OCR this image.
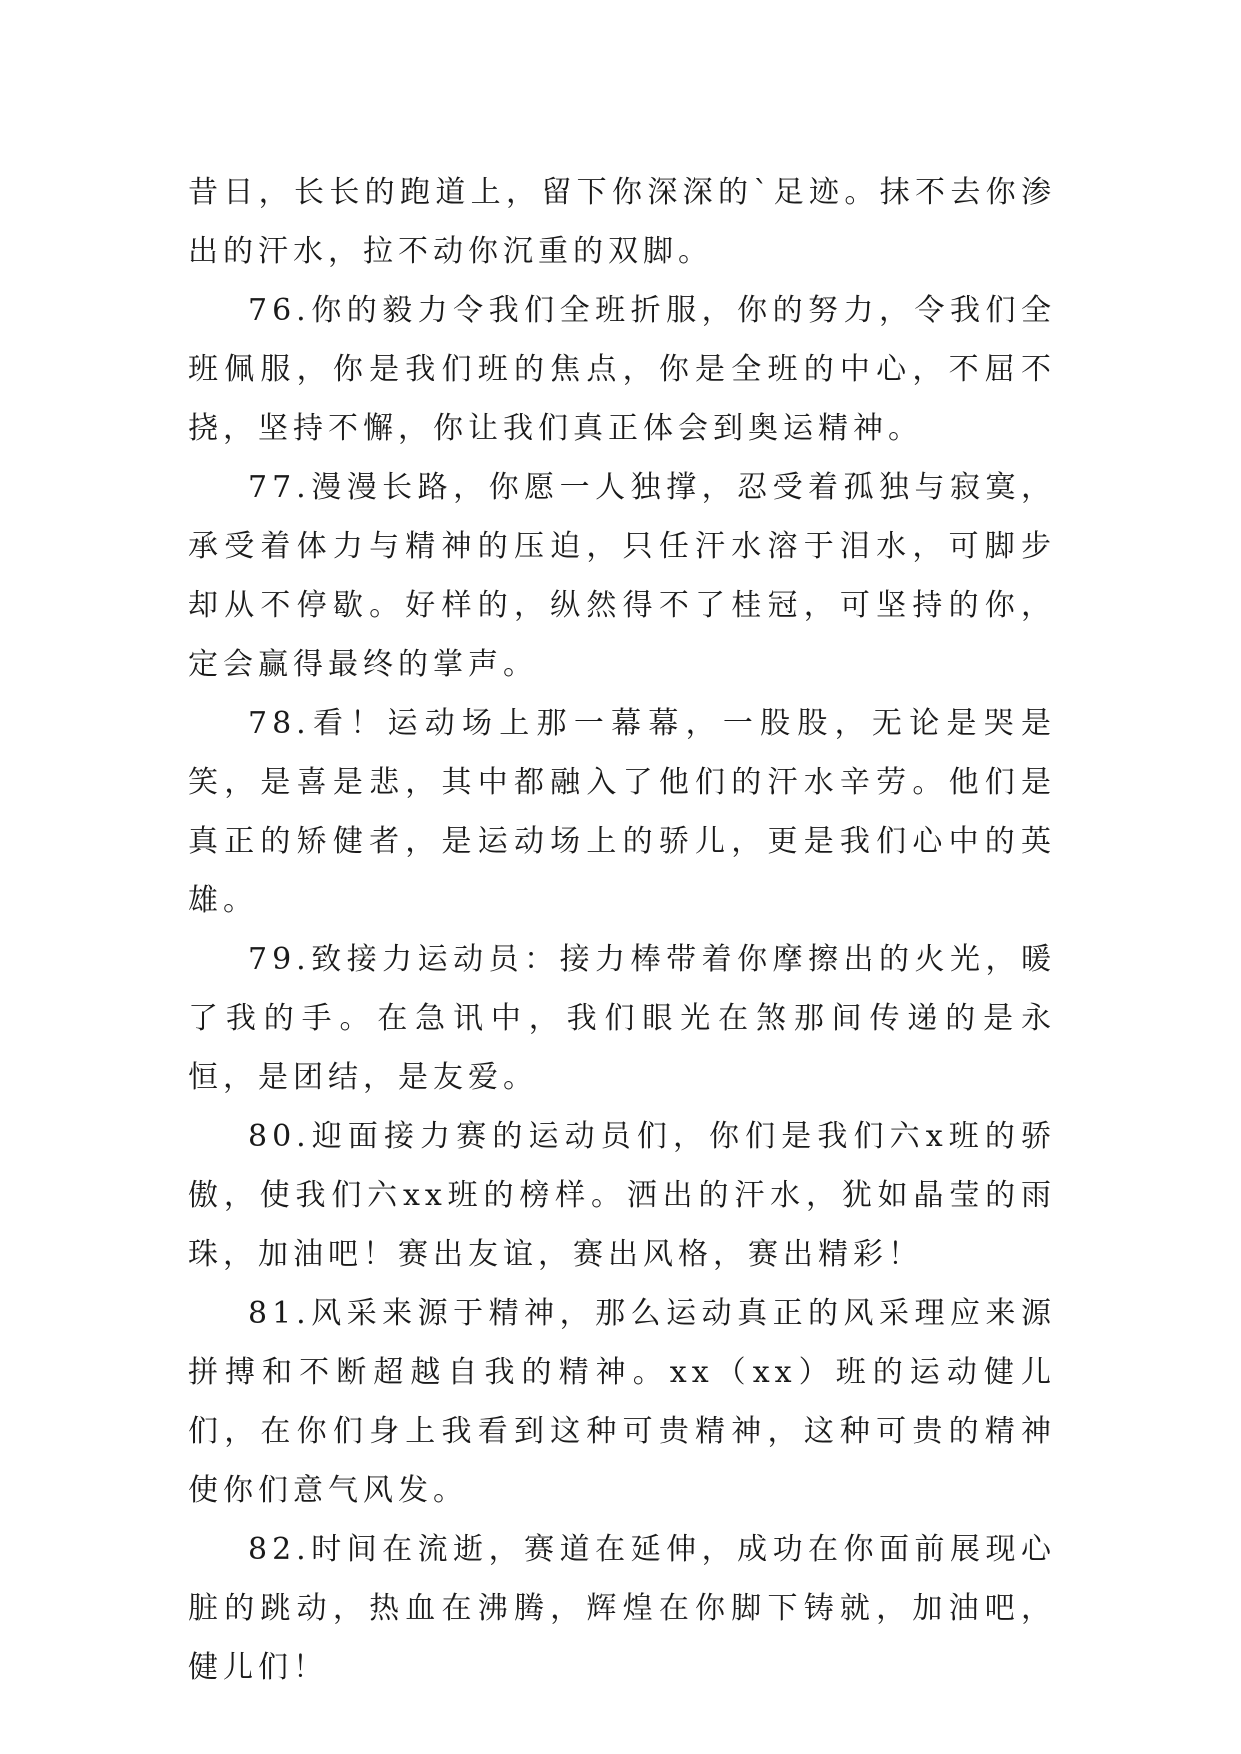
昔日，长长的跑道上，留下你深深的`足迹。抹不去你渗出的汗水，拉不动你沉重的双脚。

76.你的毅力令我们全班折服，你的努力，令我们全班佩服，你是我们班的焦点，你是全班的中心，不屈不挠，坚持不懈，你让我们真正体会到奥运精神。

77.漫漫长路，你愿一人独撑，忍受着孤独与寂寞，承受着体力与精神的压迫，只任汗水溶于泪水，可脚步却从不停歇。好样的，纵然得不了桂冠，可坚持的你，定会赢得最终的掌声。

78.看！运动场上那一幕幕，一股股，无论是哭是笑，是喜是悲，其中都融入了他们的汗水辛劳。他们是真正的矫健者，是运动场上的骄儿，更是我们心中的英雄。

79.致接力运动员：接力棒带着你摩擦出的火光，暖了我的手。在急讯中，我们眼光在煞那间传递的是永恒，是团结，是友爱。

80.迎面接力赛的运动员们，你们是我们六x班的骄傲，使我们六xx班的榜样。洒出的汗水，犹如晶莹的雨珠，加油吧！赛出友谊，赛出风格，赛出精彩！

81.风采来源于精神，那么运动真正的风采理应来源拼搏和不断超越自我的精神。xx（xx）班的运动健儿们，在你们身上我看到这种可贵精神，这种可贵的精神使你们意气风发。

82.时间在流逝，赛道在延伸，成功在你面前展现心脏的跳动，热血在沸腾，辉煌在你脚下铸就，加油吧，健儿们！
